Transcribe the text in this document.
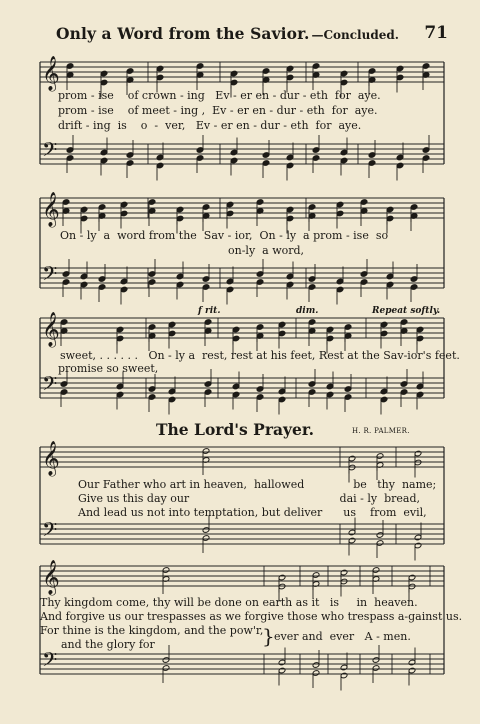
Only a Word from the Savior. —Concluded. 71
𝄞
𝄢
𝄞
𝄢
𝄞
𝄢
𝄞
𝄢
𝄞
𝄢
prom - ise    of crown - ing   Ev - er en - dur - eth  for  aye.
prom - ise    of meet - ing ,  Ev - er en - dur - eth  for  aye.
drift - ing  is    o  -  ver,   Ev - er en - dur - eth  for  aye.
On - ly  a  word from the  Sav - ior,  On - ly  a prom - ise  so
on-ly  a word,
f rit.	dim.	Repeat softly.
sweet, . . . . . .   On - ly a  rest, rest at his feet, Rest at the Sav-ior's feet.
promise so sweet,
The Lord's Prayer.	H. R. PALMER.
Our Father who art in heaven,  hallowed              be   thy  name;
Give us this day our                                           dai - ly  bread,
And lead us not into temptation, but deliver      us    from  evil,
Thy kingdom come, thy will be done on earth as it   is     in  heaven.
And forgive us our trespasses as we forgive those who trespass a-gainst us.
For thine is the kingdom, and the pow'r,
and the glory for
ever and  ever   A - men.
}
